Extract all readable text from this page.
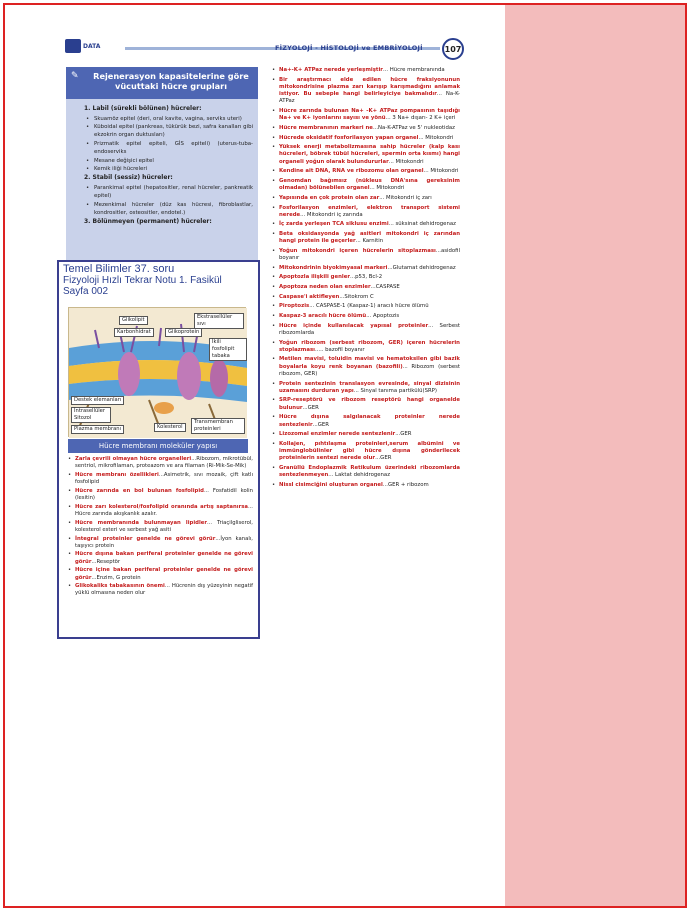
DATA	FİZYOLOJİ - HİSTOLOJİ ve EMBRİYOLOJİ	107
✎	Rejenerasyon kapasitelerine göre
vücuttaki hücre grupları
1. Labil (sürekli bölünen) hücreler:
• Skuamöz epitel (deri, oral kavite, vagina, serviks uteri)
• Küboidal epitel (pankreas, tükürük bezi, safra kanalları gibi ekzokrin organ duktusları)
• Prizmatik epitel epiteli, GİS epiteli) (uterus-tuba-endoserviks
• Mesane değişici epitel
• Kemik iliği hücreleri
2. Stabil (sessiz) hücreler:
• Parankimal epitel (hepatositler, renal hücreler, pankreatik epitel)
• Mezenkimal hücreler (düz kas hücresi, fibroblastlar, kondrositler, osteositler, endotel.)
3. Bölünmeyen (permanent) hücreler:
Temel Bilimler 37. soru
Fizyoloji Hızlı Tekrar Notu 1. Fasikül
Sayfa 002
Glikolipit
Karbonhidrat	Glikoprotein
Ekstrasellüler sıvı
İkili fosfolipit tabaka
Destek elemanları
İntrasellüler Sitozol
Plazma membranı	Kolesterol
Transmembran proteinleri
Hücre membranı moleküler yapısı
• Zarla çevrili olmayan hücre organelleri...Ribozom, mikrotübül, sentriol, mikrofilaman, proteazom ve ara filaman (Ri-Mik-Se-Mik)
• Hücre membranı özellikleri...Asimetrik, sıvı mozaik, çift katlı fosfolipid
• Hücre zarında en bol bulunan fosfolipid... Fosfatidil kolin (lesitin)
• Hücre zarı kolesterol/fosfolipid oranında artış saptanırsa... Hücre zarında akışkanlık azalır.
• Hücre membranında bulunmayan lipidler... Triaçilgliserol, kolesterol esteri ve serbest yağ asiti
• İntegral proteinler genelde ne görevi görür...İyon kanalı, taşıyıcı protein
• Hücre dışına bakan periferal proteinler genelde ne görevi görür...Reseptör
• Hücre içine bakan periferal proteinler genelde ne görevi görür...Enzim, G protein
• Glikokaliks tabakasının önemi... Hücrenin dış yüzeyinin negatif yüklü olmasına neden olur
• Na+-K+ ATPaz nerede yerleşmiştir... Hücre membranında
• Bir araştırmacı elde edilen hücre fraksiyonunun mitokondrisine plazma zarı karışıp karışmadığını anlamak istiyor. Bu sebeple hangi belirleyiciye bakmalıdır... Na-K-ATPaz
• Hücre zarında bulunan Na+ -K+ ATPaz pompasının taşıdığı Na+ ve K+ iyonlarını sayısı ve yönü... 3 Na+ dışarı- 2 K+ içeri
• Hücre membranının markeri ne...Na-K-ATPaz ve 5' nukleotidaz
• Hücrede oksidatif fosforilasyon yapan organel... Mitokondri
• Yüksek enerji metabolizmasına sahip hücreler (kalp kası hücreleri, böbrek tübül hücreleri, spermin orta kısmı) hangi organeli yoğun olarak bulundururlar... Mitokondri
• Kendine ait DNA, RNA ve ribozomu olan organel... Mitokondri
• Genomdan bağımsız (nükleus DNA'sına gereksinim olmadan) bölünebilen organel... Mitokondri
• Yapısında en çok protein olan zar... Mitokondri iç zarı
• Fosforilasyon enzimleri, elektron transport sistemi nerede... Mitokondri iç zarında
• İç zarda yerleşen TCA siklusu enzimi... süksinat dehidrogenaz
• Beta oksidasyonda yağ asitleri mitokondri iç zarından hangi protein ile geçerler... Karnitin
• Yoğun mitokondri içeren hücrelerin sitoplazması...asidofil boyanır
• Mitokondrinin biyokimyasal markeri...Glutamat dehidrogenaz
• Apoptozla ilişkili genler...p53, Bcl-2
• Apoptoza neden olan enzimler...CASPASE
• Caspase'i aktifleyen...Sitokrom C
• Piroptozis... CASPASE-1 (Kaspaz-1) aracılı hücre ölümü
• Kaspaz-3 aracılı hücre ölümü... Apoptozis
• Hücre içinde kullanılacak yapısal proteinler... Serbest ribozomlarda
• Yoğun ribozom (serbest ribozom, GER) içeren hücrelerin stoplazması..... bazofil boyanır
• Metilen mavisi, toluidin mavisi ve hematoksilen gibi bazik boyalarla koyu renk boyanan (bazofili)... Ribozom (serbest ribozom, GER)
• Protein sentezinin translasyon evresinde, sinyal dizisinin uzamasını durduran yapı... Sinyal tanıma partikülü(SRP)
• SRP-reseptörü ve ribozom reseptörü hangi organelde bulunur...GER
• Hücre dışına salgılanacak proteinler nerede sentezlenir...GER
• Lizozomal enzimler nerede sentezlenir...GER
• Kollajen, pıhtılaşma proteinleri,serum albümini ve immünglobülinler gibi hücre dışına gönderilecek proteinlerin sentezi nerede olur...GER
• Granüllü Endoplazmik Retikulum üzerindeki ribozomlarda sentezlenmeyen... Laktat dehidrogenaz
• Nissl cisimciğini oluşturan organel...GER + ribozom
